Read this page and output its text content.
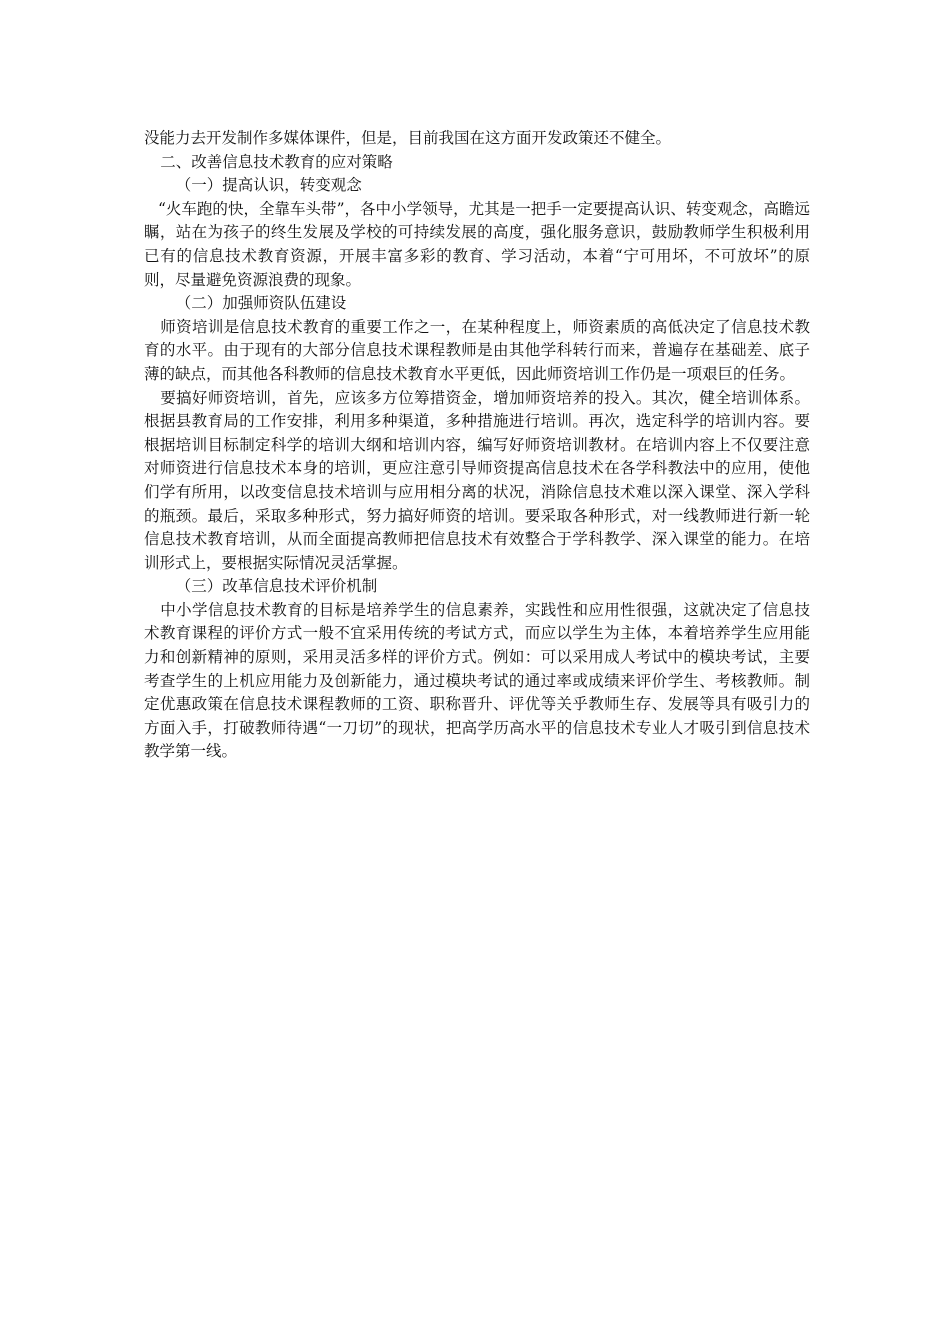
没能力去开发制作多媒体课件，但是，目前我国在这方面开发政策还不健全。

二、改善信息技术教育的应对策略

（一）提高认识，转变观念

“火车跑的快，全靠车头带”，各中小学领导，尤其是一把手一定要提高认识、转变观念，高瞻远瞩，站在为孩子的终生发展及学校的可持续发展的高度，强化服务意识，鼓励教师学生积极利用已有的信息技术教育资源，开展丰富多彩的教育、学习活动，本着“宁可用坏，不可放坏”的原则，尽量避免资源浪费的现象。

（二）加强师资队伍建设

师资培训是信息技术教育的重要工作之一，在某种程度上，师资素质的高低决定了信息技术教育的水平。由于现有的大部分信息技术课程教师是由其他学科转行而来，普遍存在基础差、底子薄的缺点，而其他各科教师的信息技术教育水平更低，因此师资培训工作仍是一项艰巨的任务。

要搞好师资培训，首先，应该多方位筹措资金，增加师资培养的投入。其次，健全培训体系。根据县教育局的工作安排，利用多种渠道，多种措施进行培训。再次，选定科学的培训内容。要根据培训目标制定科学的培训大纲和培训内容，编写好师资培训教材。在培训内容上不仅要注意对师资进行信息技术本身的培训，更应注意引导师资提高信息技术在各学科教法中的应用，使他们学有所用，以改变信息技术培训与应用相分离的状况，消除信息技术难以深入课堂、深入学科的瓶颈。最后，采取多种形式，努力搞好师资的培训。要采取各种形式，对一线教师进行新一轮信息技术教育培训，从而全面提高教师把信息技术有效整合于学科教学、深入课堂的能力。在培训形式上，要根据实际情况灵活掌握。

（三）改革信息技术评价机制

中小学信息技术教育的目标是培养学生的信息素养，实践性和应用性很强，这就决定了信息技术教育课程的评价方式一般不宜采用传统的考试方式，而应以学生为主体，本着培养学生应用能力和创新精神的原则，采用灵活多样的评价方式。例如：可以采用成人考试中的模块考试，主要考查学生的上机应用能力及创新能力，通过模块考试的通过率或成绩来评价学生、考核教师。制定优惠政策在信息技术课程教师的工资、职称晋升、评优等关乎教师生存、发展等具有吸引力的方面入手，打破教师待遇“一刀切”的现状，把高学历高水平的信息技术专业人才吸引到信息技术教学第一线。
